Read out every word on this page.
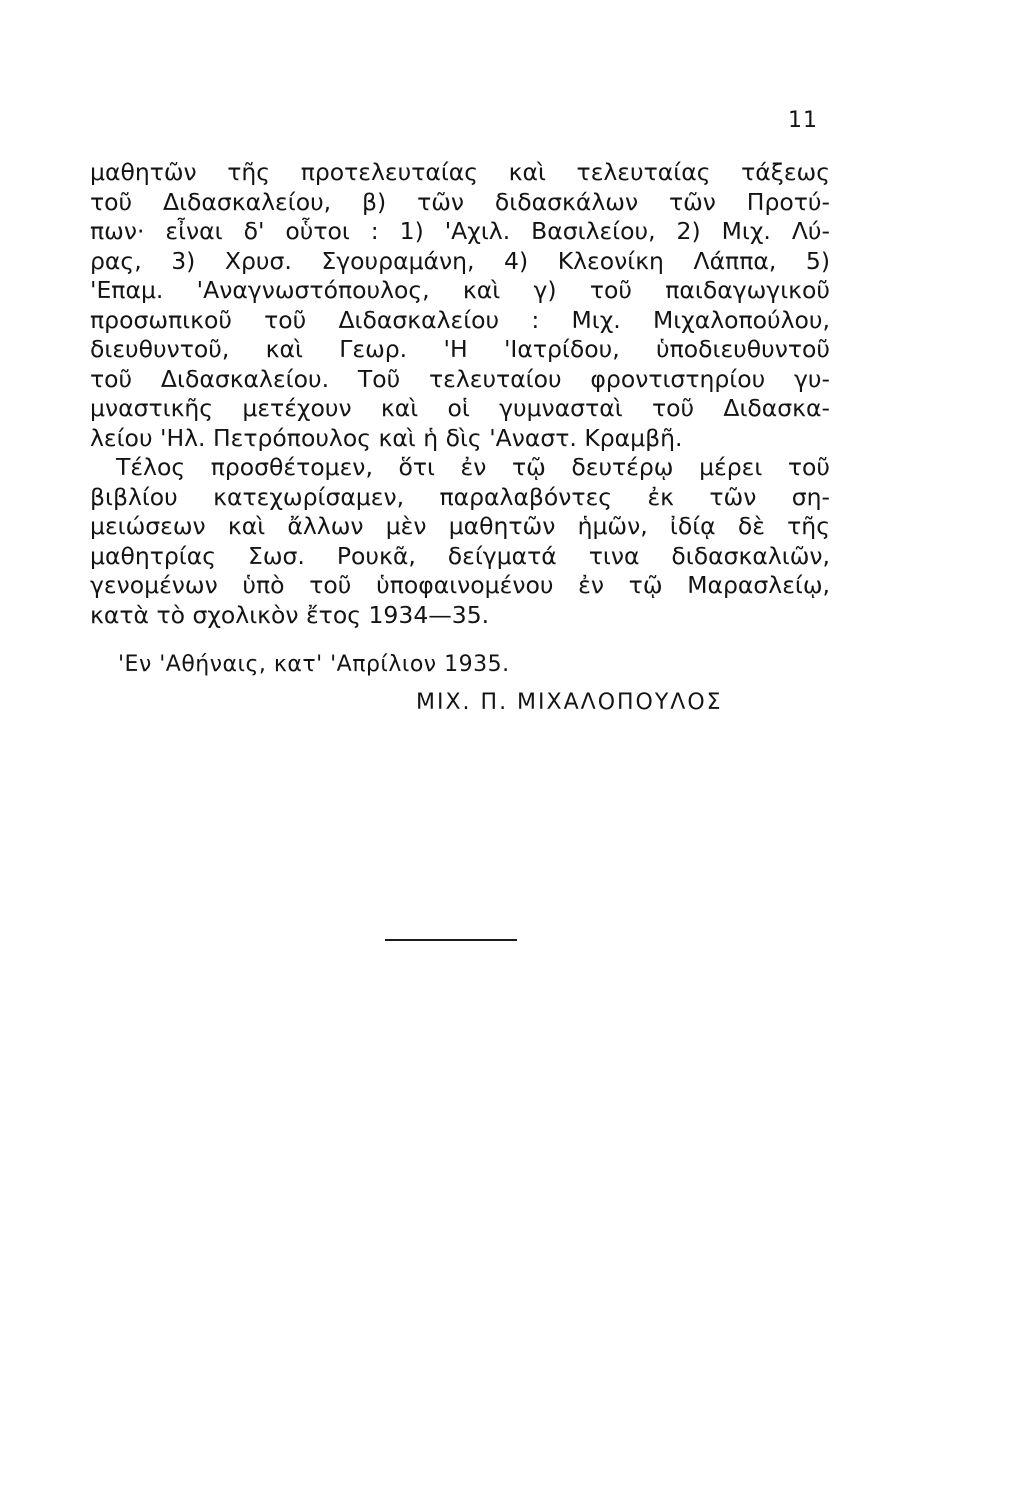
11
μαθητῶν τῆς προτελευταίας καὶ τελευταίας τάξεως
τοῦ Διδασκαλείου, β) τῶν διδασκάλων τῶν Προτύ-
πων· εἶναι δ' οὗτοι : 1) 'Αχιλ. Βασιλείου, 2) Μιχ. Λύ-
ρας, 3) Χρυσ. Σγουραμάνη, 4) Κλεονίκη Λάππα, 5)
'Επαμ. 'Αναγνωστόπουλος, καὶ γ) τοῦ παιδαγωγικοῦ
προσωπικοῦ τοῦ Διδασκαλείου : Μιχ. Μιχαλοπούλου,
διευθυντοῦ, καὶ Γεωρ. 'Η 'Ιατρίδου, ὑποδιευθυντοῦ
τοῦ Διδασκαλείου. Τοῦ τελευταίου φροντιστηρίου γυ-
μναστικῆς μετέχουν καὶ οἱ γυμνασταὶ τοῦ Διδασκα-
λείου 'Ηλ. Πετρόπουλος καὶ ἡ δὶς 'Αναστ. Κραμβῆ.
Τέλος προσθέτομεν, ὅτι ἐν τῷ δευτέρῳ μέρει τοῦ
βιβλίου κατεχωρίσαμεν, παραλαβόντες ἐκ τῶν ση-
μειώσεων καὶ ἄλλων μὲν μαθητῶν ἡμῶν, ἰδίᾳ δὲ τῆς
μαθητρίας Σωσ. Ρουκᾶ, δείγματά τινα διδασκαλιῶν,
γενομένων ὑπὸ τοῦ ὑποφαινομένου ἐν τῷ Μαρασλείῳ,
κατὰ τὸ σχολικὸν ἔτος 1934—35.
'Εν 'Αθήναις, κατ' 'Απρίλιον 1935.
ΜΙΧ. Π. ΜΙΧΑΛΟΠΟΥΛΟΣ
